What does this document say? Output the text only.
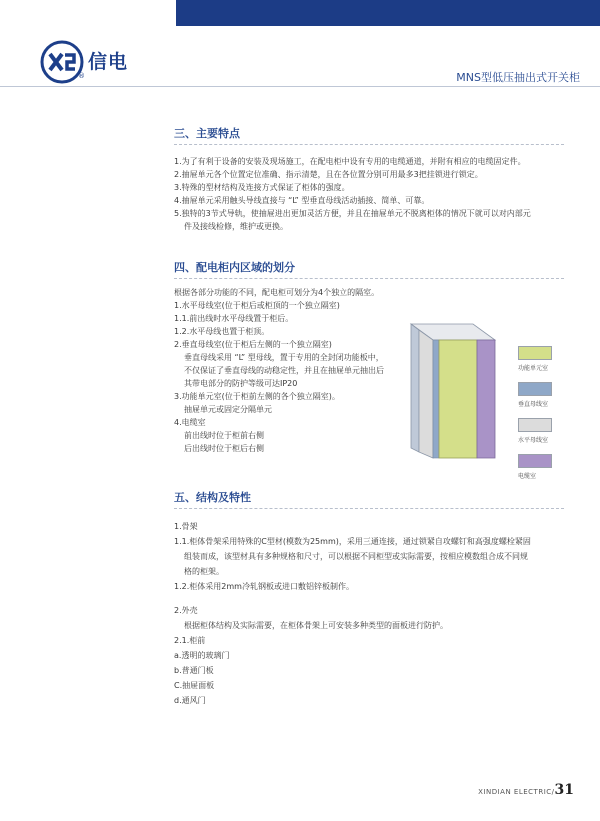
信电
®	MNS型低压抽出式开关柜
三、主要特点

1.为了有利于设备的安装及现场施工，在配电柜中设有专用的电缆通道，并附有相应的电缆固定件。

2.抽屉单元各个位置定位准确、指示清楚，且在各位置分别可用最多3把挂锁进行锁定。

3.特殊的型材结构及连接方式保证了柜体的强度。

4.抽屉单元采用触头导线直接与 “L” 型垂直母线活动插接、简单、可靠。

5.独特的3节式导轨，使抽屉进出更加灵活方便，并且在抽屉单元不脱离柜体的情况下就可以对内部元

件及接线检修，维护或更换。

四、配电柜内区域的划分

根据各部分功能的不同，配电柜可划分为4个独立的隔室。

1.水平母线室(位于柜后或柜顶的一个独立隔室)

1.1.前出线时水平母线置于柜后。

1.2.水平母线也置于柜顶。

2.垂直母线室(位于柜后左侧的一个独立隔室)

垂直母线采用 “L” 型母线，置于专用的全封闭功能板中，

不仅保证了垂直母线的动稳定性，并且在抽屉单元抽出后

其带电部分的防护等级可达IP20

3.功能单元室(位于柜前左侧的各个独立隔室)。

抽屉单元或固定分隔单元

4.电缆室

前出线时位于柜前右侧

后出线时位于柜后右侧

功能单元室
垂直母线室
水平母线室
电缆室
五、结构及特性

1.骨架

1.1.柜体骨架采用特殊的C型材(模数为25mm)，采用三通连接，通过锁紧自攻螺钉和高强度螺栓紧固

组装而成，该型材具有多种规格和尺寸，可以根据不同柜型或实际需要，按相应模数组合成不同规

格的柜架。

1.2.柜体采用2mm冷轧钢板或进口敷铝锌板制作。

2.外壳

根据柜体结构及实际需要，在柜体骨架上可安装多种类型的面板进行防护。

2.1.柜前

a.透明的玻璃门

b.普通门板

C.抽屉面板

d.通风门

XINDIAN ELECTRIC/31
